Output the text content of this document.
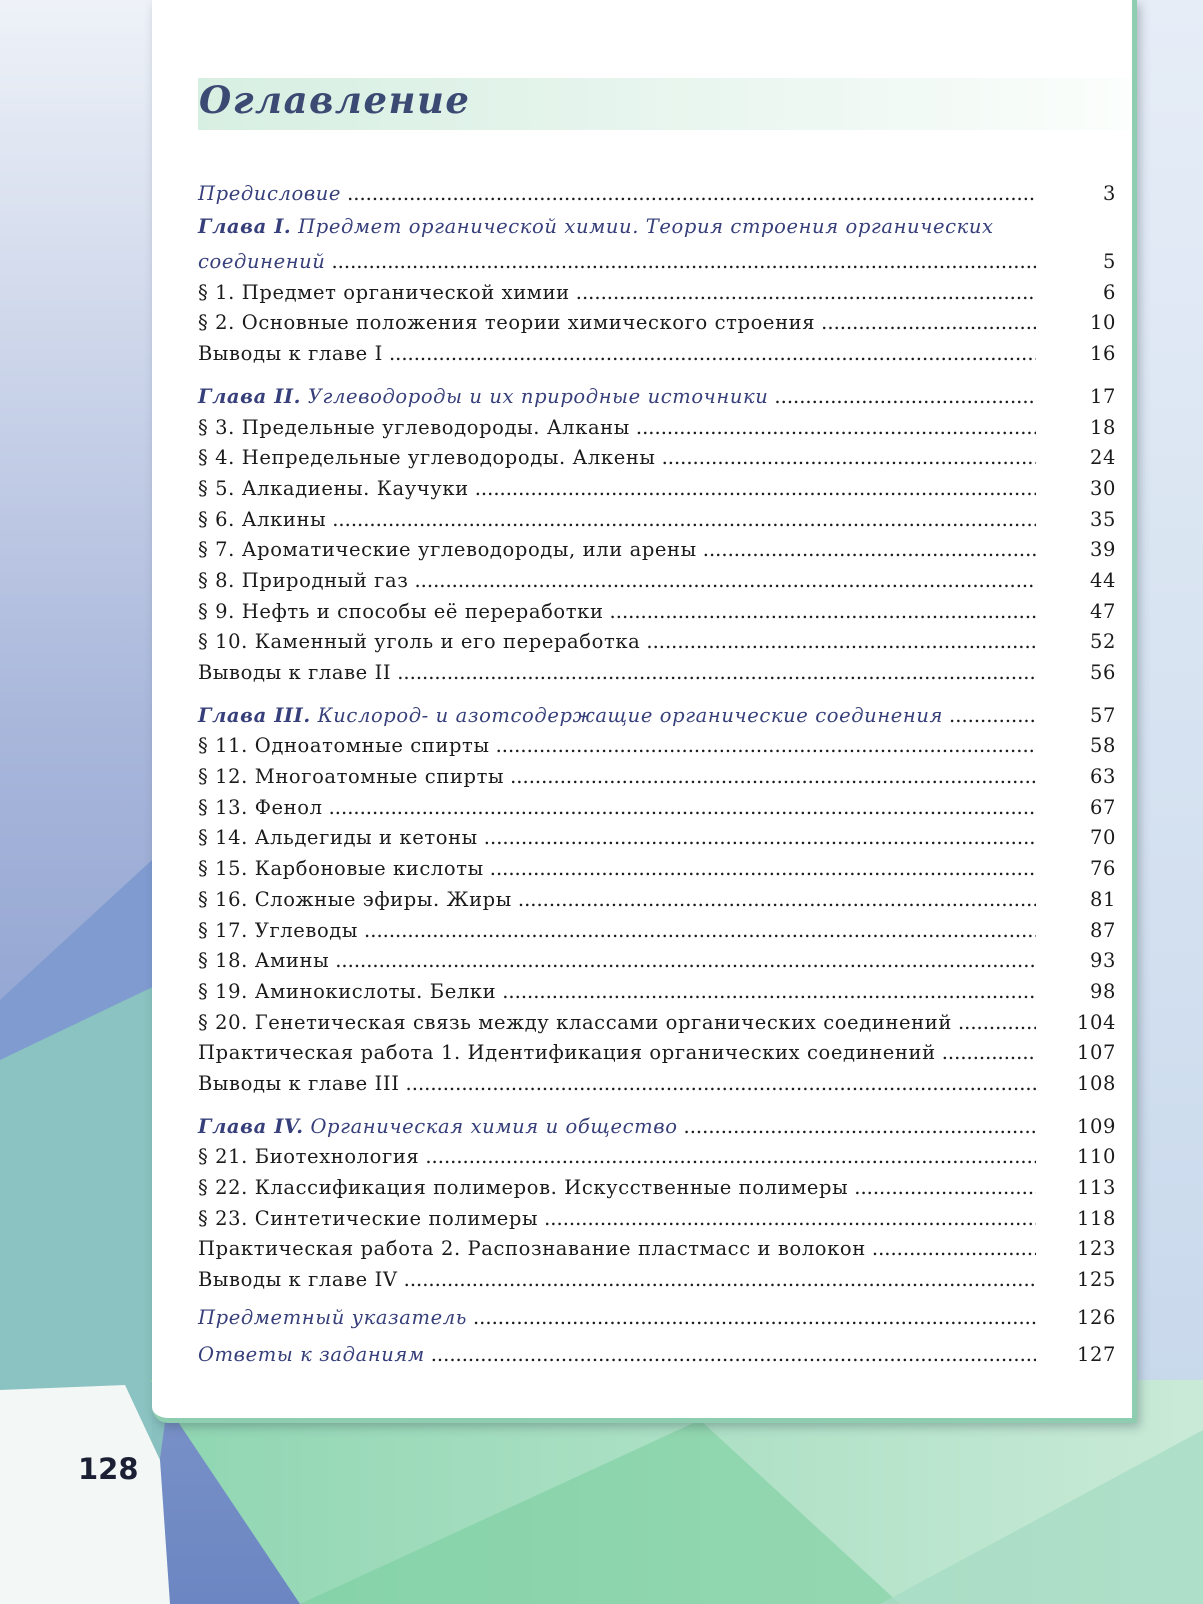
Оглавление
Предисловие .....	3
Глава I. Предмет органической химии. Теория строения органических
соединений .....	5
§ 1. Предмет органической химии .....	6
§ 2. Основные положения теории химического строения .....	10
Выводы к главе I .....	16
Глава II. Углеводороды и их природные источники .....	17
§ 3. Предельные углеводороды. Алканы .....	18
§ 4. Непредельные углеводороды. Алкены .....	24
§ 5. Алкадиены. Каучуки .....	30
§ 6. Алкины .....	35
§ 7. Ароматические углеводороды, или арены .....	39
§ 8. Природный газ .....	44
§ 9. Нефть и способы её переработки .....	47
§ 10. Каменный уголь и его переработка .....	52
Выводы к главе II .....	56
Глава III. Кислород- и азотсодержащие органические соединения .....	57
§ 11. Одноатомные спирты .....	58
§ 12. Многоатомные спирты .....	63
§ 13. Фенол .....	67
§ 14. Альдегиды и кетоны .....	70
§ 15. Карбоновые кислоты .....	76
§ 16. Сложные эфиры. Жиры .....	81
§ 17. Углеводы .....	87
§ 18. Амины .....	93
§ 19. Аминокислоты. Белки .....	98
§ 20. Генетическая связь между классами органических соединений .....	104
Практическая работа 1. Идентификация органических соединений .....	107
Выводы к главе III .....	108
Глава IV. Органическая химия и общество .....	109
§ 21. Биотехнология .....	110
§ 22. Классификация полимеров. Искусственные полимеры .....	113
§ 23. Синтетические полимеры .....	118
Практическая работа 2. Распознавание пластмасс и волокон .....	123
Выводы к главе IV .....	125
Предметный указатель .....	126
Ответы к заданиям .....	127

128
